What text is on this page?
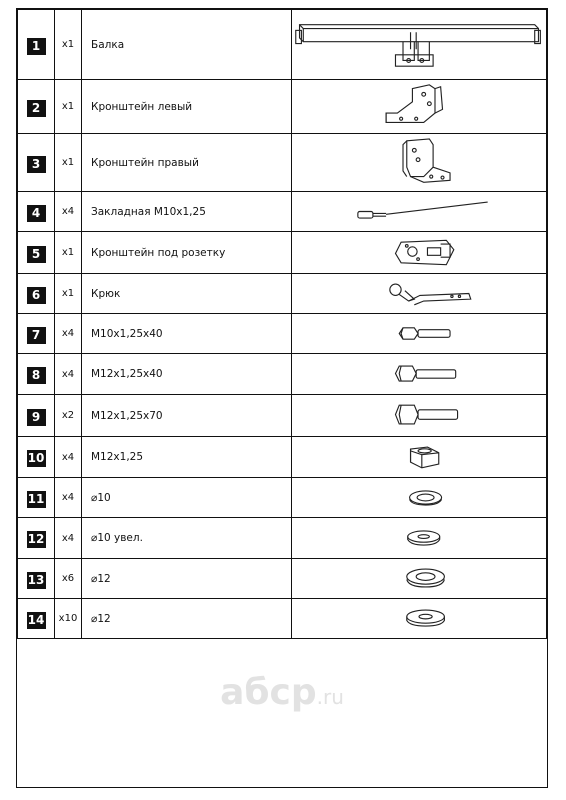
1	x1	Балка	

2	x1	Кронштейн левый	

3	x1	Кронштейн правый	

4	x4	Закладная М10х1,25	

5	x1	Кронштейн под розетку	

6	x1	Крюк	

7	x4	М10х1,25х40	

8	x4	М12х1,25х40	

9	x2	М12х1,25х70	

10	x4	М12х1,25	

11	x4	⌀10	

12	x4	⌀10 увел.	

13	x6	⌀12	

14	x10	⌀12	
aбcp.ru
